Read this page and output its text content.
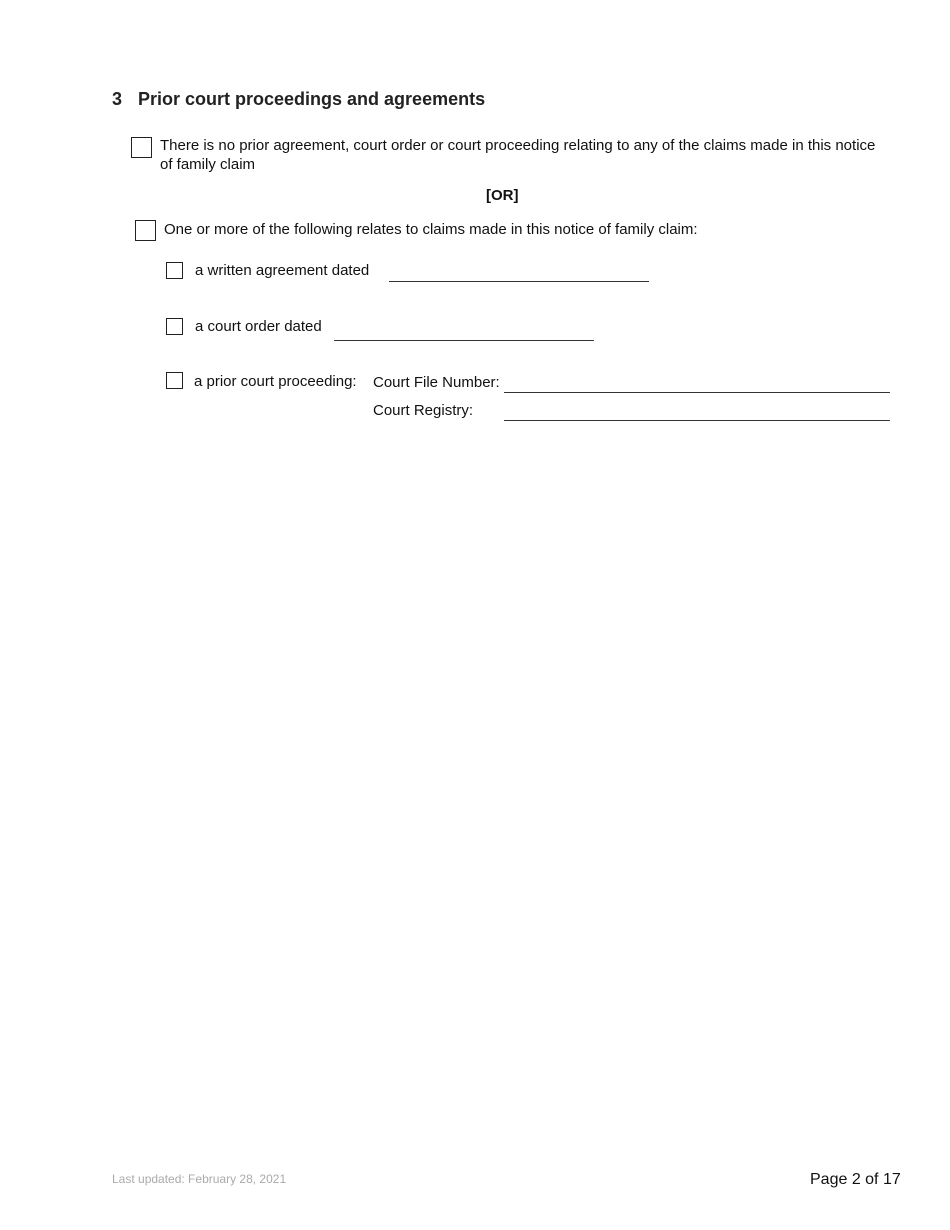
3 Prior court proceedings and agreements
There is no prior agreement, court order or court proceeding relating to any of the claims made in this notice of family claim
[OR]
One or more of the following relates to claims made in this notice of family claim:
a written agreement dated
a court order dated
a prior court proceeding: Court File Number:
Court Registry:
Last updated: February 28, 2021	Page 2 of 17
